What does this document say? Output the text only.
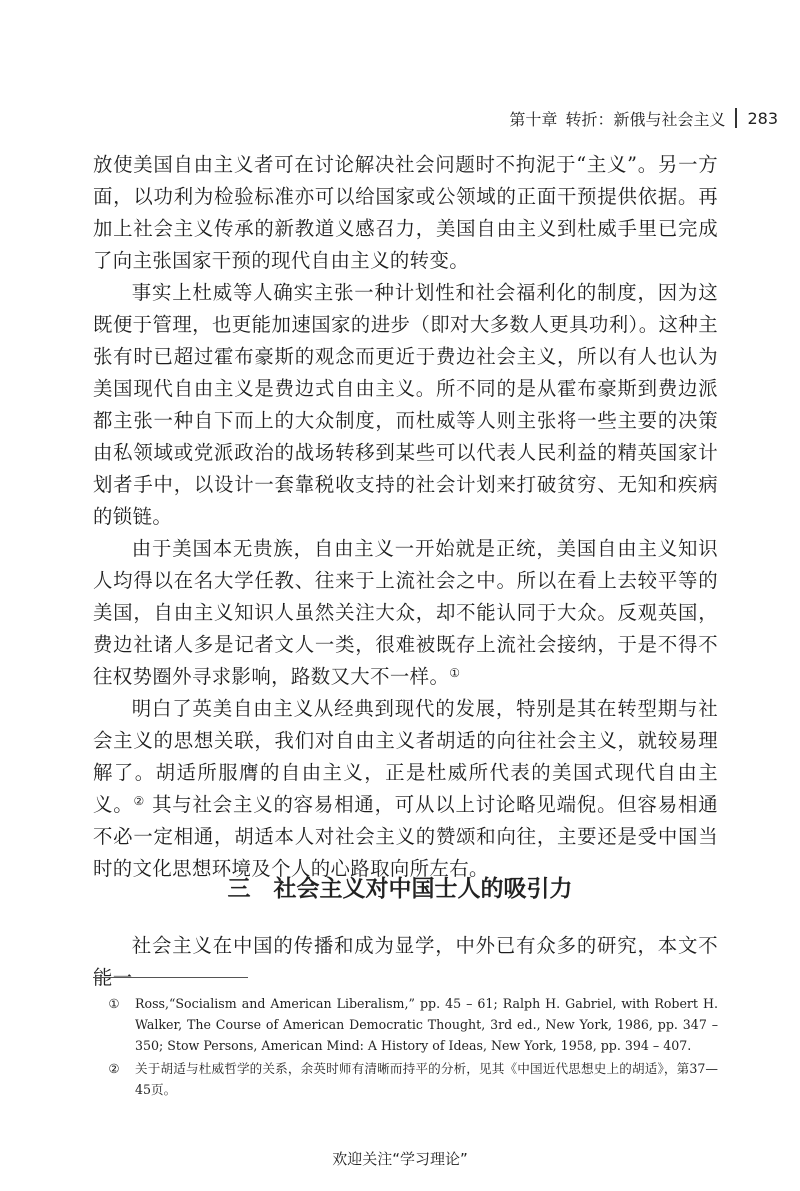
第十章 转折：新俄与社会主义 283

放使美国自由主义者可在讨论解决社会问题时不拘泥于“主义”。另一方面，以功利为检验标准亦可以给国家或公领域的正面干预提供依据。再加上社会主义传承的新教道义感召力，美国自由主义到杜威手里已完成了向主张国家干预的现代自由主义的转变。

事实上杜威等人确实主张一种计划性和社会福利化的制度，因为这既便于管理，也更能加速国家的进步（即对大多数人更具功利）。这种主张有时已超过霍布豪斯的观念而更近于费边社会主义，所以有人也认为美国现代自由主义是费边式自由主义。所不同的是从霍布豪斯到费边派都主张一种自下而上的大众制度，而杜威等人则主张将一些主要的决策由私领域或党派政治的战场转移到某些可以代表人民利益的精英国家计划者手中，以设计一套靠税收支持的社会计划来打破贫穷、无知和疾病的锁链。

由于美国本无贵族，自由主义一开始就是正统，美国自由主义知识人均得以在名大学任教、往来于上流社会之中。所以在看上去较平等的美国，自由主义知识人虽然关注大众，却不能认同于大众。反观英国，费边社诸人多是记者文人一类，很难被既存上流社会接纳，于是不得不往权势圈外寻求影响，路数又大不一样。①

明白了英美自由主义从经典到现代的发展，特别是其在转型期与社会主义的思想关联，我们对自由主义者胡适的向往社会主义，就较易理解了。胡适所服膺的自由主义，正是杜威所代表的美国式现代自由主义。② 其与社会主义的容易相通，可从以上讨论略见端倪。但容易相通不必一定相通，胡适本人对社会主义的赞颂和向往，主要还是受中国当时的文化思想环境及个人的心路取向所左右。

三　社会主义对中国士人的吸引力

社会主义在中国的传播和成为显学，中外已有众多的研究，本文不能一

①	Ross,“Socialism and American Liberalism,” pp. 45 – 61; Ralph H. Gabriel, with Robert H. Walker, The Course of American Democratic Thought, 3rd ed., New York, 1986, pp. 347 – 350; Stow Persons, American Mind: A History of Ideas, New York, 1958, pp. 394 – 407.
②	关于胡适与杜威哲学的关系，余英时师有清晰而持平的分析，见其《中国近代思想史上的胡适》，第37—45页。
欢迎关注“学习理论”
